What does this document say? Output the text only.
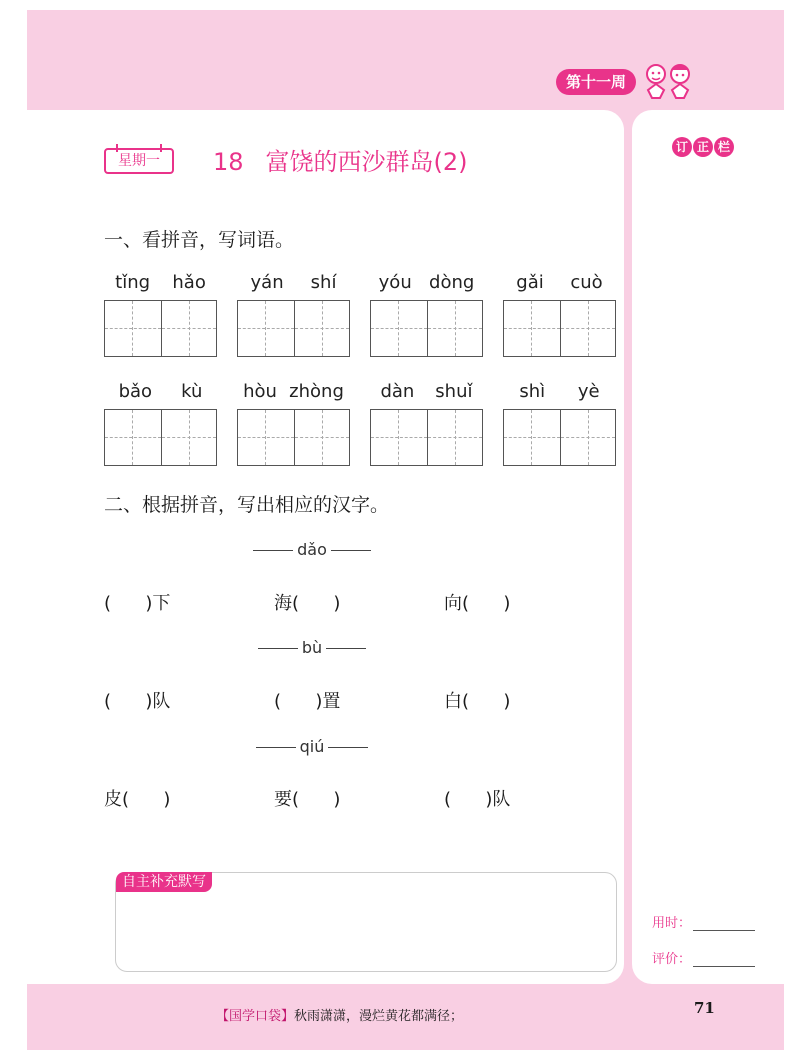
第十一周
订 正 栏
星期一	18 富饶的西沙群岛(2)
一、看拼音，写词语。
tǐng hǎo yán shí yóu dòng gǎi cuò
bǎo kù hòu zhòng dàn shuǐ	shì yè
二、根据拼音，写出相应的汉字。
dǎo
(      )下	海(      )	向(      )
bù
(      )队	(      )置	白(      )
qiú
皮(      )	要(      )	(      )队
自主补充默写
用时：
评价：
【国学口袋】秋雨潇潇，漫烂黄花都满径；	71
